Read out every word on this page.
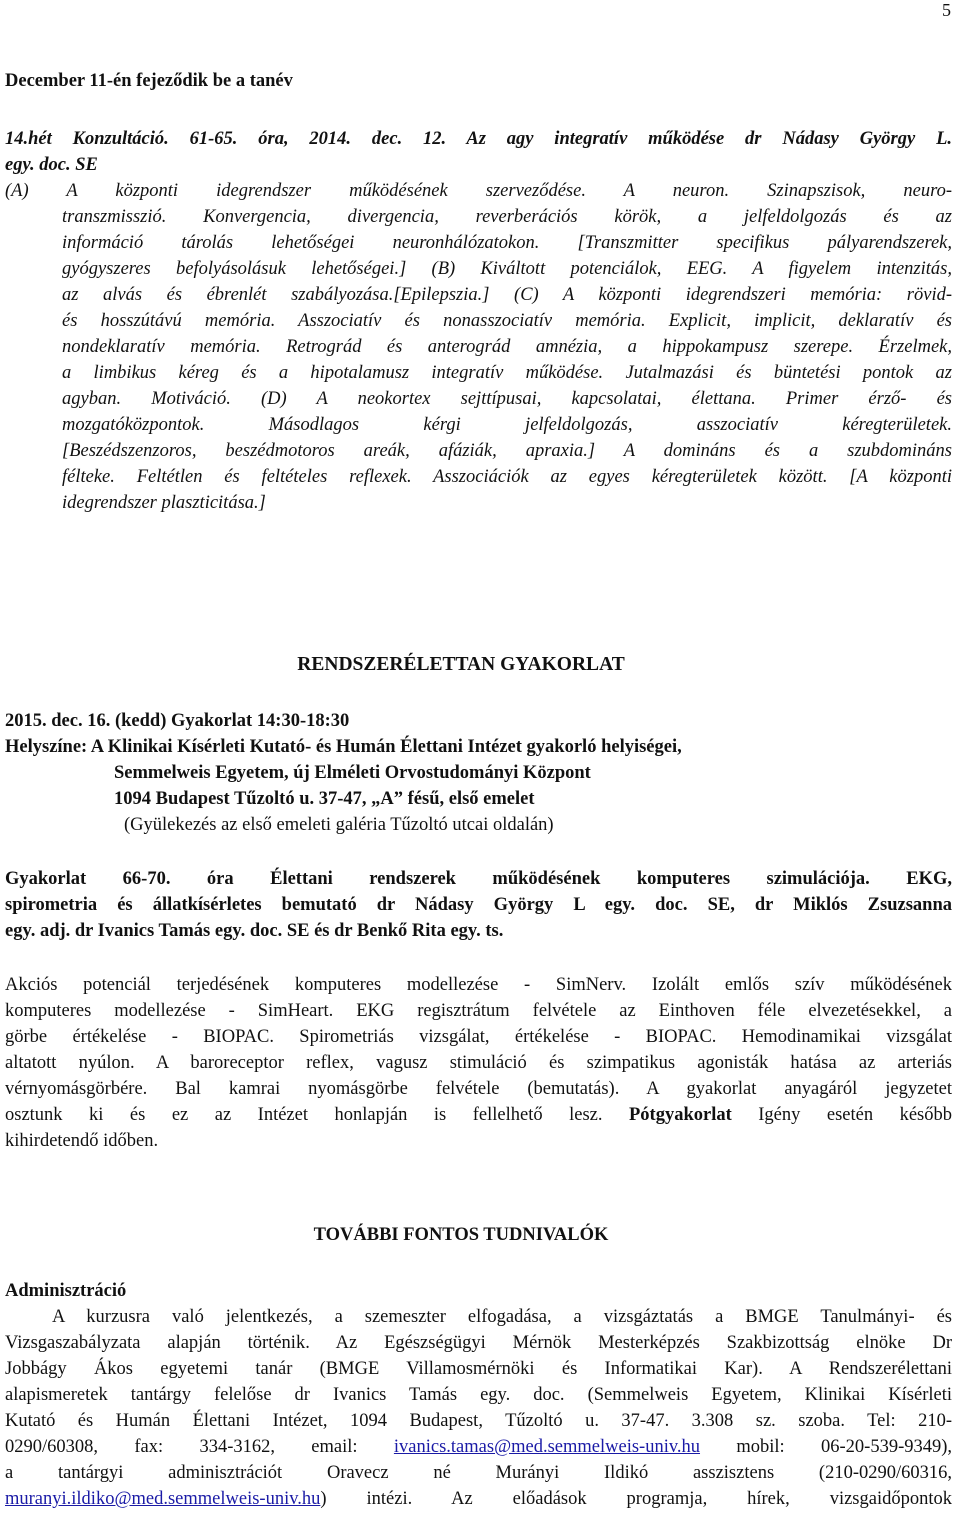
5
December 11-én fejeződik be a tanév
14.hét Konzultáció. 61-65. óra, 2014. dec. 12. Az agy integratív működése dr Nádasy György L.
egy. doc. SE
(A) A központi idegrendszer működésének szerveződése. A neuron. Szinapszisok, neuro-
transzmisszió. Konvergencia, divergencia, reverberációs körök, a jelfeldolgozás és az
információ tárolás lehetőségei neuronhálózatokon. [Transzmitter specifikus pályarendszerek,
gyógyszeres befolyásolásuk lehetőségei.] (B) Kiváltott potenciálok, EEG. A figyelem intenzitás,
az alvás és ébrenlét szabályozása.[Epilepszia.] (C) A központi idegrendszeri memória: rövid-
és hosszútávú memória. Asszociatív és nonasszociatív memória. Explicit, implicit, deklaratív és
nondeklaratív memória. Retrográd és anterográd amnézia, a hippokampusz szerepe. Érzelmek,
a limbikus kéreg és a hipotalamusz integratív működése. Jutalmazási és büntetési pontok az
agyban. Motiváció. (D) A neokortex sejttípusai, kapcsolatai, élettana. Primer érző- és
mozgatóközpontok. Másodlagos kérgi jelfeldolgozás, asszociatív kéregterületek.
[Beszédszenzoros, beszédmotoros areák, afáziák, apraxia.] A domináns és a szubdomináns
félteke. Feltétlen és feltételes reflexek. Asszociációk az egyes kéregterületek között. [A központi
idegrendszer plaszticitása.]
RENDSZERÉLETTAN GYAKORLAT
2015. dec. 16. (kedd) Gyakorlat 14:30-18:30
Helyszíne: A Klinikai Kísérleti Kutató- és Humán Élettani Intézet gyakorló helyiségei,
Semmelweis Egyetem, új Elméleti Orvostudományi Központ
1094 Budapest Tűzoltó u. 37-47, „A” fésű, első emelet
(Gyülekezés az első emeleti galéria Tűzoltó utcai oldalán)
Gyakorlat 66-70. óra Élettani rendszerek működésének komputeres szimulációja. EKG,
spirometria és állatkísérletes bemutató dr Nádasy György L egy. doc. SE, dr Miklós Zsuzsanna
egy. adj. dr Ivanics Tamás egy. doc. SE és dr Benkő Rita egy. ts.
Akciós potenciál terjedésének komputeres modellezése - SimNerv. Izolált emlős szív működésének
komputeres modellezése - SimHeart. EKG regisztrátum felvétele az Einthoven féle elvezetésekkel, a
görbe értékelése - BIOPAC. Spirometriás vizsgálat, értékelése - BIOPAC. Hemodinamikai vizsgálat
altatott nyúlon. A baroreceptor reflex, vagusz stimuláció és szimpatikus agonisták hatása az arteriás
vérnyomásgörbére. Bal kamrai nyomásgörbe felvétele (bemutatás). A gyakorlat anyagáról jegyzetet
osztunk ki és ez az Intézet honlapján is fellelhető lesz. Pótgyakorlat Igény esetén később
kihirdetendő időben.
TOVÁBBI FONTOS TUDNIVALÓK
Adminisztráció
A kurzusra való jelentkezés, a szemeszter elfogadása, a vizsgáztatás a BMGE Tanulmányi- és
Vizsgaszabályzata alapján történik. Az Egészségügyi Mérnök Mesterképzés Szakbizottság elnöke Dr
Jobbágy Ákos egyetemi tanár (BMGE Villamosmérnöki és Informatikai Kar). A Rendszerélettani
alapismeretek tantárgy felelőse dr Ivanics Tamás egy. doc. (Semmelweis Egyetem, Klinikai Kísérleti
Kutató és Humán Élettani Intézet, 1094 Budapest, Tűzoltó u. 37-47. 3.308 sz. szoba. Tel: 210-
0290/60308, fax: 334-3162, email: ivanics.tamas@med.semmelweis-univ.hu mobil: 06-20-539-9349),
a tantárgyi adminisztrációt Oravecz né Murányi Ildikó asszisztens (210-0290/60316,
muranyi.ildiko@med.semmelweis-univ.hu) intézi. Az előadások programja, hírek, vizsgaidőpontok
